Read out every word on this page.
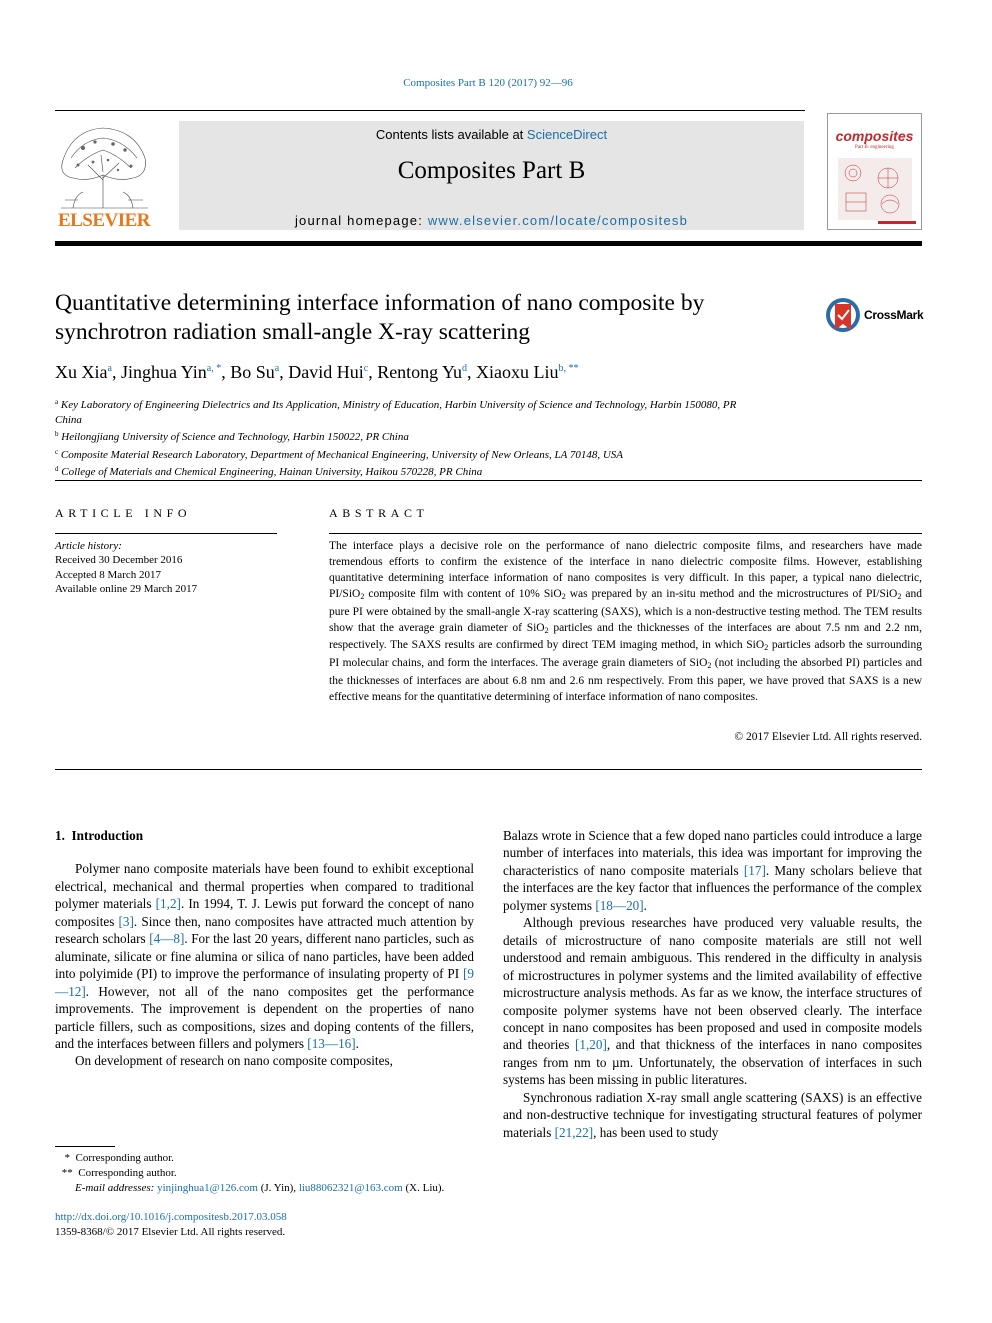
Composites Part B 120 (2017) 92—96
ELSEVIER
Contents lists available at ScienceDirect
Composites Part B
journal homepage: www.elsevier.com/locate/compositesb
composites
Part B: engineering
Quantitative determining interface information of nano composite by
synchrotron radiation small-angle X-ray scattering
CrossMark
Xu Xia$^a$, Jinghua Yin$^{a, *}$, Bo Su$^a$, David Hui$^c$, Rentong Yu$^d$, Xiaoxu Liu$^{b, **}$
$^a$ Key Laboratory of Engineering Dielectrics and Its Application, Ministry of Education, Harbin University of Science and Technology, Harbin 150080, PR
China
$^b$ Heilongjiang University of Science and Technology, Harbin 150022, PR China
$^c$ Composite Material Research Laboratory, Department of Mechanical Engineering, University of New Orleans, LA 70148, USA
$^d$ College of Materials and Chemical Engineering, Hainan University, Haikou 570228, PR China
ARTICLE INFO	ABSTRACT
Article history:
Received 30 December 2016
Accepted 8 March 2017
Available online 29 March 2017
The interface plays a decisive role on the performance of nano dielectric composite films, and researchers have made tremendous efforts to confirm the existence of the interface in nano dielectric composite films. However, establishing quantitative determining interface information of nano composites is very difficult. In this paper, a typical nano dielectric, PI/SiO$_2$ composite film with content of 10% SiO$_2$ was prepared by an in-situ method and the microstructures of PI/SiO$_2$ and pure PI were obtained by the small-angle X-ray scattering (SAXS), which is a non-destructive testing method. The TEM results show that the average grain diameter of SiO$_2$ particles and the thicknesses of the interfaces are about 7.5 nm and 2.2 nm, respectively. The SAXS results are confirmed by direct TEM imaging method, in which SiO$_2$ particles adsorb the surrounding PI molecular chains, and form the interfaces. The average grain diameters of SiO$_2$ (not including the absorbed PI) particles and the thicknesses of interfaces are about 6.8 nm and 2.6 nm respectively. From this paper, we have proved that SAXS is a new effective means for the quantitative determining of interface information of nano composites.
© 2017 Elsevier Ltd. All rights reserved.
1. Introduction
Polymer nano composite materials have been found to exhibit exceptional electrical, mechanical and thermal properties when compared to traditional polymer materials [1,2]. In 1994, T. J. Lewis put forward the concept of nano composites [3]. Since then, nano composites have attracted much attention by research scholars [4—8]. For the last 20 years, different nano particles, such as aluminate, silicate or fine alumina or silica of nano particles, have been added into polyimide (PI) to improve the performance of insulating property of PI [9—12]. However, not all of the nano composites get the performance improvements. The improvement is dependent on the properties of nano particle fillers, such as compositions, sizes and doping contents of the fillers, and the interfaces between fillers and polymers [13—16].
On development of research on nano composite composites,
Balazs wrote in Science that a few doped nano particles could introduce a large number of interfaces into materials, this idea was important for improving the characteristics of nano composite materials [17]. Many scholars believe that the interfaces are the key factor that influences the performance of the complex polymer systems [18—20].
Although previous researches have produced very valuable results, the details of microstructure of nano composite materials are still not well understood and remain ambiguous. This rendered in the difficulty in analysis of microstructures in polymer systems and the limited availability of effective microstructure analysis methods. As far as we know, the interface structures of composite polymer systems have not been observed clearly. The interface concept in nano composites has been proposed and used in composite models and theories [1,20], and that thickness of the interfaces in nano composites ranges from nm to µm. Unfortunately, the observation of interfaces in such systems has been missing in public literatures.
Synchronous radiation X-ray small angle scattering (SAXS) is an effective and non-destructive technique for investigating structural features of polymer materials [21,22], has been used to study
* Corresponding author.
** Corresponding author.
E-mail addresses: yinjinghua1@126.com (J. Yin), liu88062321@163.com (X. Liu).
http://dx.doi.org/10.1016/j.compositesb.2017.03.058
1359-8368/© 2017 Elsevier Ltd. All rights reserved.
